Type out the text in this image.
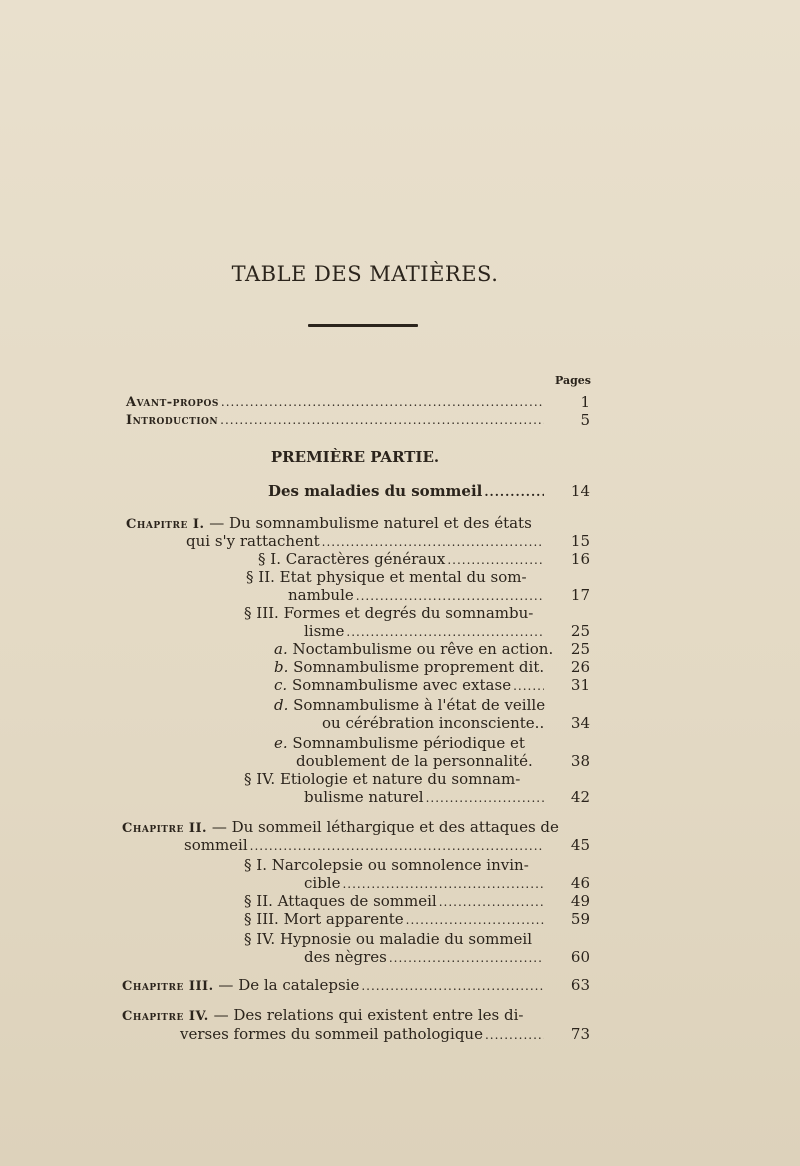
TABLE DES MATIÈRES.
Pages
Avant-propos .....	1
Introduction .....	5
PREMIÈRE PARTIE.
Des maladies du sommeil .....	14
Chapitre I. — Du somnambulisme naturel et des états
qui s'y rattachent .....	15
§ I. Caractères généraux .....	16
§ II. Etat physique et mental du som-
nambule .....	17
§ III. Formes et degrés du somnambu-
lisme .....	25
a. Noctambulisme ou rêve en action.	25
b. Somnambulisme proprement dit.	26
c. Somnambulisme avec extase .....	31
d. Somnambulisme à l'état de veille
ou cérébration inconsciente..	34
e. Somnambulisme périodique et
doublement de la personnalité.	38
§ IV. Etiologie et nature du somnam-
bulisme naturel .....	42
Chapitre II. — Du sommeil léthargique et des attaques de
sommeil .....	45
§ I. Narcolepsie ou somnolence invin-
cible .....	46
§ II. Attaques de sommeil .....	49
§ III. Mort apparente .....	59
§ IV. Hypnosie ou maladie du sommeil
des nègres .....	60
Chapitre III. — De la catalepsie .....	63
Chapitre IV. — Des relations qui existent entre les di-
verses formes du sommeil pathologique .....	73
